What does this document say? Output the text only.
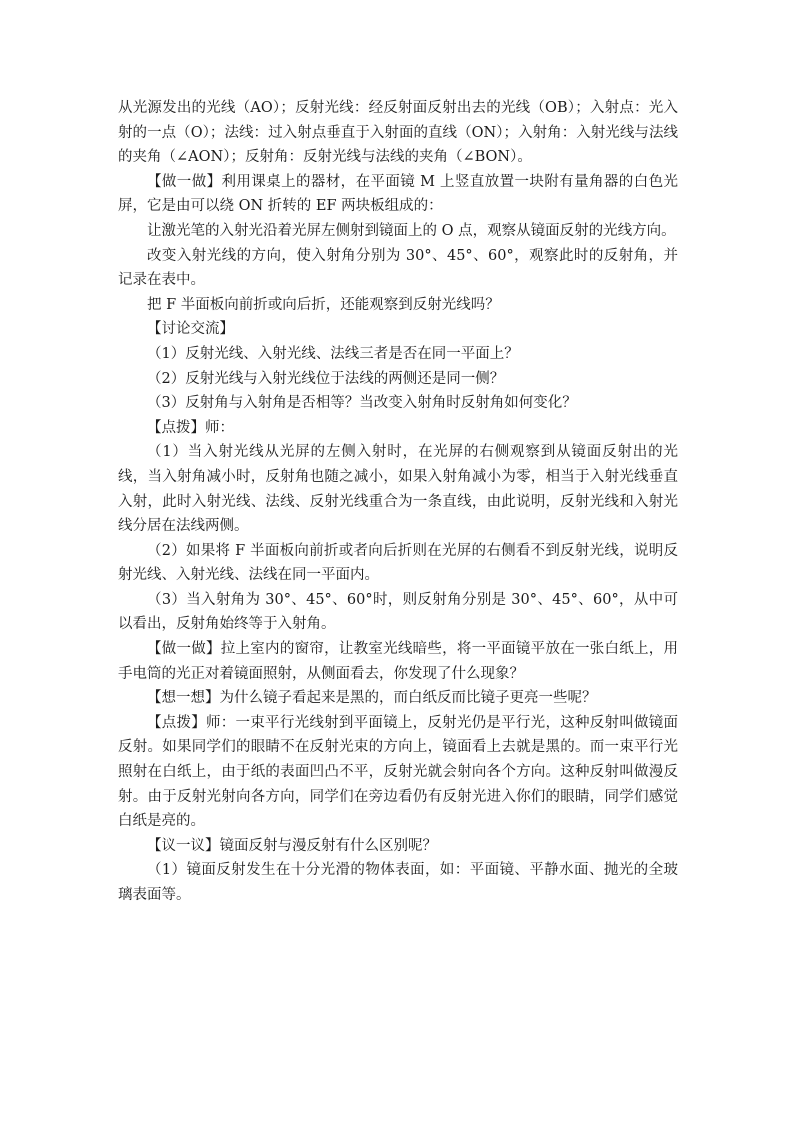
从光源发出的光线（AO）；反射光线：经反射面反射出去的光线（OB）；入射点：光入射的一点（O）；法线：过入射点垂直于入射面的直线（ON）；入射角：入射光线与法线的夹角（∠AON）；反射角：反射光线与法线的夹角（∠BON）。

【做一做】利用课桌上的器材，在平面镜 M 上竖直放置一块附有量角器的白色光屏，它是由可以绕 ON 折转的 EF 两块板组成的：

让激光笔的入射光沿着光屏左侧射到镜面上的 O 点，观察从镜面反射的光线方向。

改变入射光线的方向，使入射角分别为 30°、45°、60°，观察此时的反射角，并记录在表中。

把 F 半面板向前折或向后折，还能观察到反射光线吗？

【讨论交流】

（1）反射光线、入射光线、法线三者是否在同一平面上？

（2）反射光线与入射光线位于法线的两侧还是同一侧？

（3）反射角与入射角是否相等？当改变入射角时反射角如何变化？

【点拨】师：

（1）当入射光线从光屏的左侧入射时，在光屏的右侧观察到从镜面反射出的光线，当入射角减小时，反射角也随之减小，如果入射角减小为零，相当于入射光线垂直入射，此时入射光线、法线、反射光线重合为一条直线，由此说明，反射光线和入射光线分居在法线两侧。

（2）如果将 F 半面板向前折或者向后折则在光屏的右侧看不到反射光线，说明反射光线、入射光线、法线在同一平面内。

（3）当入射角为 30°、45°、60°时，则反射角分别是 30°、45°、60°，从中可以看出，反射角始终等于入射角。

【做一做】拉上室内的窗帘，让教室光线暗些，将一平面镜平放在一张白纸上，用手电筒的光正对着镜面照射，从侧面看去，你发现了什么现象？

【想一想】为什么镜子看起来是黑的，而白纸反而比镜子更亮一些呢？

【点拨】师：一束平行光线射到平面镜上，反射光仍是平行光，这种反射叫做镜面反射。如果同学们的眼睛不在反射光束的方向上，镜面看上去就是黑的。而一束平行光照射在白纸上，由于纸的表面凹凸不平，反射光就会射向各个方向。这种反射叫做漫反射。由于反射光射向各方向，同学们在旁边看仍有反射光进入你们的眼睛，同学们感觉白纸是亮的。

【议一议】镜面反射与漫反射有什么区别呢？

（1）镜面反射发生在十分光滑的物体表面，如：平面镜、平静水面、抛光的全玻璃表面等。
